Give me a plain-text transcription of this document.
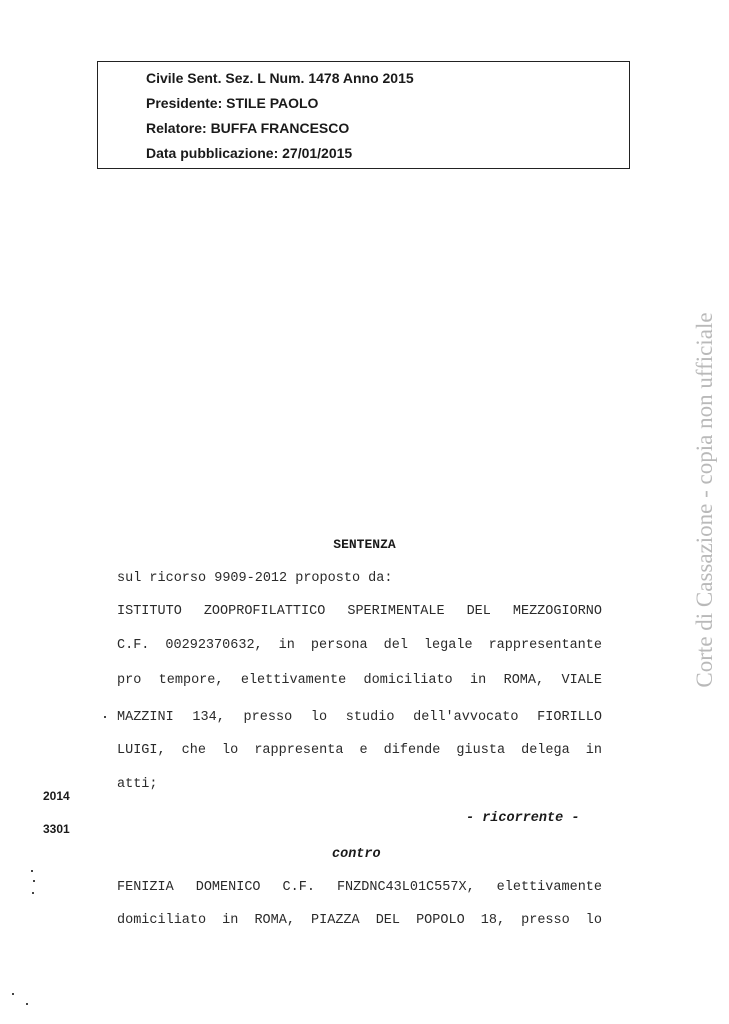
Civile Sent. Sez. L Num. 1478 Anno 2015
Presidente: STILE PAOLO
Relatore: BUFFA FRANCESCO
Data pubblicazione: 27/01/2015
Corte di Cassazione - copia non ufficiale
SENTENZA
sul ricorso 9909-2012 proposto da:
ISTITUTO ZOOPROFILATTICO SPERIMENTALE DEL MEZZOGIORNO
C.F. 00292370632, in persona del legale rappresentante
pro tempore, elettivamente domiciliato in ROMA, VIALE
MAZZINI 134, presso lo studio dell'avvocato FIORILLO
LUIGI, che lo rappresenta e difende giusta delega in
atti;
2014
3301
- ricorrente -
contro
FENIZIA DOMENICO C.F. FNZDNC43L01C557X, elettivamente
domiciliato in ROMA, PIAZZA DEL POPOLO 18, presso lo
